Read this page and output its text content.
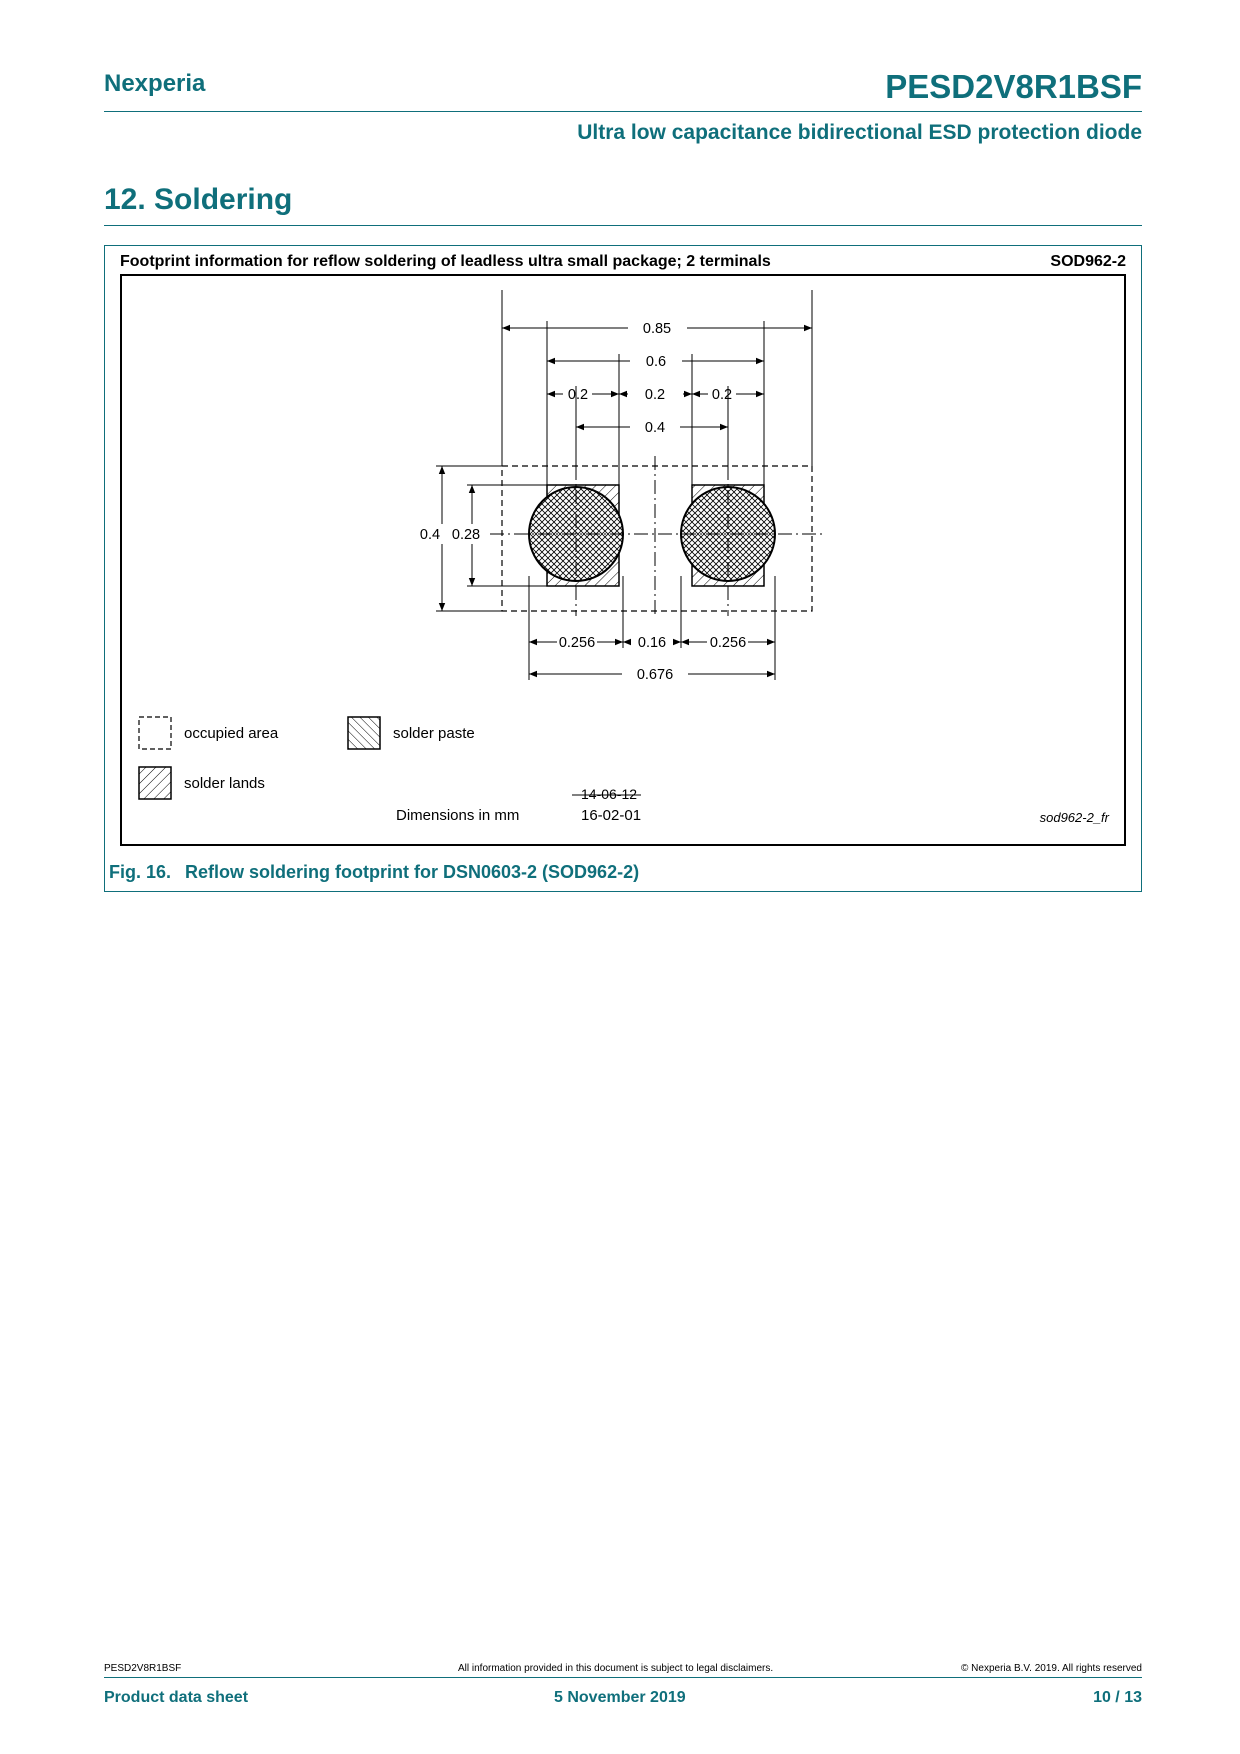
Nexperia	PESD2V8R1BSF
Ultra low capacitance bidirectional ESD protection diode
12. Soldering
Footprint information for reflow soldering of leadless ultra small package; 2 terminals	SOD962-2
0.85
0.6
0.2	0.2	0.2
0.4
0.4 0.28
0.256	0.16	0.256
0.676
occupied area	solder paste
solder lands
Dimensions in mm
14-06-12
16-02-01	sod962-2_fr
Fig. 16. Reflow soldering footprint for DSN0603-2 (SOD962-2)
PESD2V8R1BSF	All information provided in this document is subject to legal disclaimers.	© Nexperia B.V. 2019. All rights reserved
Product data sheet	5 November 2019	10 / 13
